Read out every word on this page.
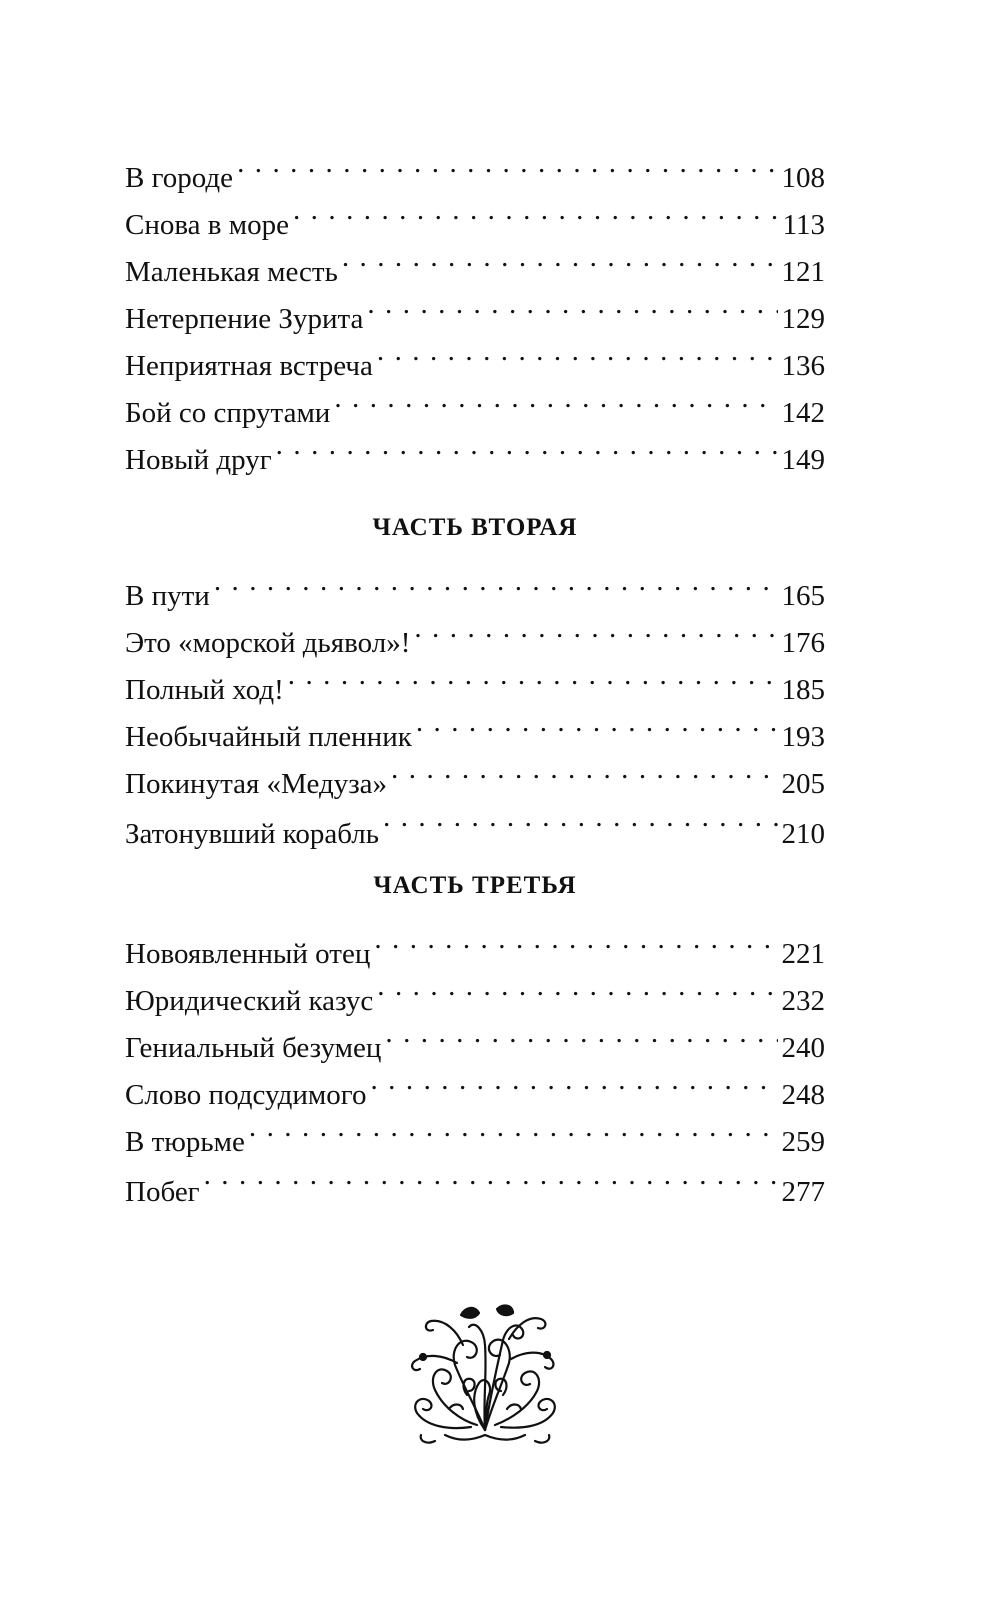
В городе . . .	108
Снова в море . . .	113
Маленькая месть . . .	121
Нетерпение Зурита . . .	129
Неприятная встреча . . .	136
Бой со спрутами . . .	142
Новый друг . . .	149
ЧАСТЬ ВТОРАЯ
В пути . . .	165
Это «морской дьявол»! . . .	176
Полный ход! . . .	185
Необычайный пленник . . .	193
Покинутая «Медуза» . . .	205
Затонувший корабль . . .	210
ЧАСТЬ ТРЕТЬЯ
Новоявленный отец . . .	221
Юридический казус . . .	232
Гениальный безумец . . .	240
Слово подсудимого . . .	248
В тюрьме . . .	259
Побег . . .	277
